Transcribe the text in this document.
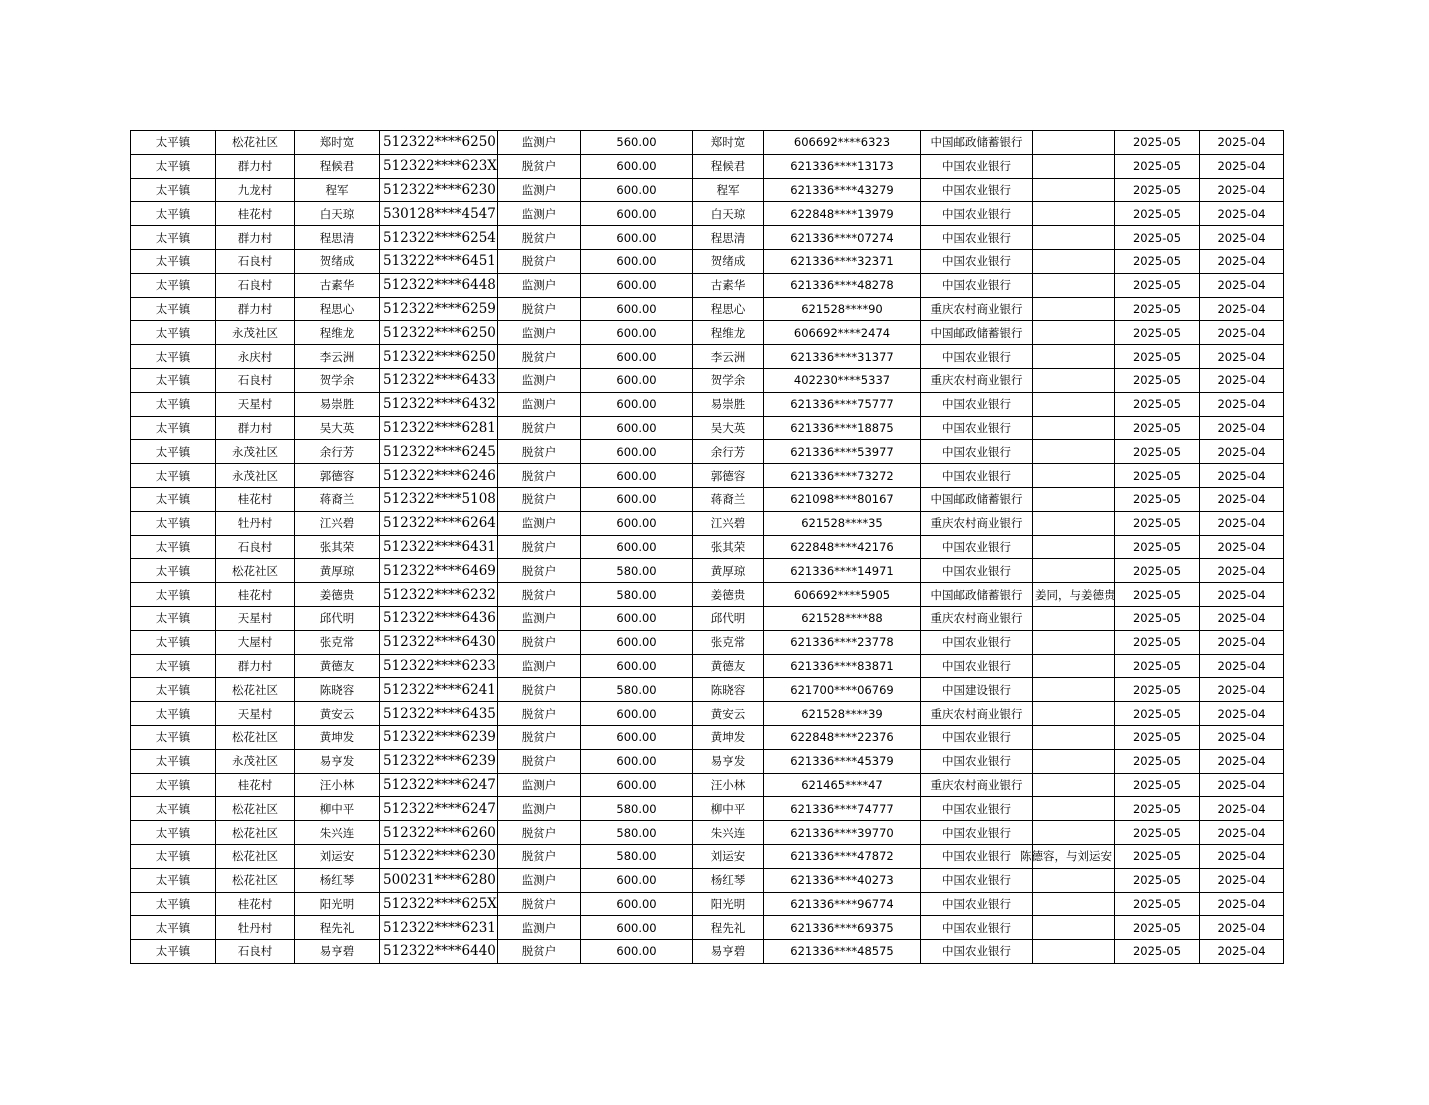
太平镇	松花社区	郑时宽	512322****6250	监测户	560.00	郑时宽	606692****6323	中国邮政储蓄银行		2025-05	2025-04
太平镇	群力村	程候君	512322****623X	脱贫户	600.00	程候君	621336****13173	中国农业银行		2025-05	2025-04
太平镇	九龙村	程军	512322****6230	监测户	600.00	程军	621336****43279	中国农业银行		2025-05	2025-04
太平镇	桂花村	白天琼	530128****4547	监测户	600.00	白天琼	622848****13979	中国农业银行		2025-05	2025-04
太平镇	群力村	程思清	512322****6254	脱贫户	600.00	程思清	621336****07274	中国农业银行		2025-05	2025-04
太平镇	石良村	贺绪成	513222****6451	脱贫户	600.00	贺绪成	621336****32371	中国农业银行		2025-05	2025-04
太平镇	石良村	古素华	512322****6448	监测户	600.00	古素华	621336****48278	中国农业银行		2025-05	2025-04
太平镇	群力村	程思心	512322****6259	脱贫户	600.00	程思心	621528****90	重庆农村商业银行		2025-05	2025-04
太平镇	永茂社区	程维龙	512322****6250	监测户	600.00	程维龙	606692****2474	中国邮政储蓄银行		2025-05	2025-04
太平镇	永庆村	李云洲	512322****6250	脱贫户	600.00	李云洲	621336****31377	中国农业银行		2025-05	2025-04
太平镇	石良村	贺学余	512322****6433	监测户	600.00	贺学余	402230****5337	重庆农村商业银行		2025-05	2025-04
太平镇	天星村	易崇胜	512322****6432	监测户	600.00	易崇胜	621336****75777	中国农业银行		2025-05	2025-04
太平镇	群力村	吴大英	512322****6281	脱贫户	600.00	吴大英	621336****18875	中国农业银行		2025-05	2025-04
太平镇	永茂社区	余行芳	512322****6245	脱贫户	600.00	余行芳	621336****53977	中国农业银行		2025-05	2025-04
太平镇	永茂社区	郭德容	512322****6246	脱贫户	600.00	郭德容	621336****73272	中国农业银行		2025-05	2025-04
太平镇	桂花村	蒋裔兰	512322****5108	脱贫户	600.00	蒋裔兰	621098****80167	中国邮政储蓄银行		2025-05	2025-04
太平镇	牡丹村	江兴碧	512322****6264	监测户	600.00	江兴碧	621528****35	重庆农村商业银行		2025-05	2025-04
太平镇	石良村	张其荣	512322****6431	脱贫户	600.00	张其荣	622848****42176	中国农业银行		2025-05	2025-04
太平镇	松花社区	黄厚琼	512322****6469	脱贫户	580.00	黄厚琼	621336****14971	中国农业银行		2025-05	2025-04
太平镇	桂花村	姜德贵	512322****6232	脱贫户	580.00	姜德贵	606692****5905	中国邮政储蓄银行	姜同，与姜德贵	2025-05	2025-04
太平镇	天星村	邱代明	512322****6436	监测户	600.00	邱代明	621528****88	重庆农村商业银行		2025-05	2025-04
太平镇	大屋村	张克常	512322****6430	脱贫户	600.00	张克常	621336****23778	中国农业银行		2025-05	2025-04
太平镇	群力村	黄德友	512322****6233	监测户	600.00	黄德友	621336****83871	中国农业银行		2025-05	2025-04
太平镇	松花社区	陈晓容	512322****6241	脱贫户	580.00	陈晓容	621700****06769	中国建设银行		2025-05	2025-04
太平镇	天星村	黄安云	512322****6435	脱贫户	600.00	黄安云	621528****39	重庆农村商业银行		2025-05	2025-04
太平镇	松花社区	黄坤发	512322****6239	脱贫户	600.00	黄坤发	622848****22376	中国农业银行		2025-05	2025-04
太平镇	永茂社区	易亨发	512322****6239	脱贫户	600.00	易亨发	621336****45379	中国农业银行		2025-05	2025-04
太平镇	桂花村	汪小林	512322****6247	监测户	600.00	汪小林	621465****47	重庆农村商业银行		2025-05	2025-04
太平镇	松花社区	柳中平	512322****6247	监测户	580.00	柳中平	621336****74777	中国农业银行		2025-05	2025-04
太平镇	松花社区	朱兴连	512322****6260	脱贫户	580.00	朱兴连	621336****39770	中国农业银行		2025-05	2025-04
太平镇	松花社区	刘运安	512322****6230	脱贫户	580.00	刘运安	621336****47872	中国农业银行	陈德容，与刘运安	2025-05	2025-04
太平镇	松花社区	杨红琴	500231****6280	监测户	600.00	杨红琴	621336****40273	中国农业银行		2025-05	2025-04
太平镇	桂花村	阳光明	512322****625X	脱贫户	600.00	阳光明	621336****96774	中国农业银行		2025-05	2025-04
太平镇	牡丹村	程先礼	512322****6231	监测户	600.00	程先礼	621336****69375	中国农业银行		2025-05	2025-04
太平镇	石良村	易亨碧	512322****6440	脱贫户	600.00	易亨碧	621336****48575	中国农业银行		2025-05	2025-04
